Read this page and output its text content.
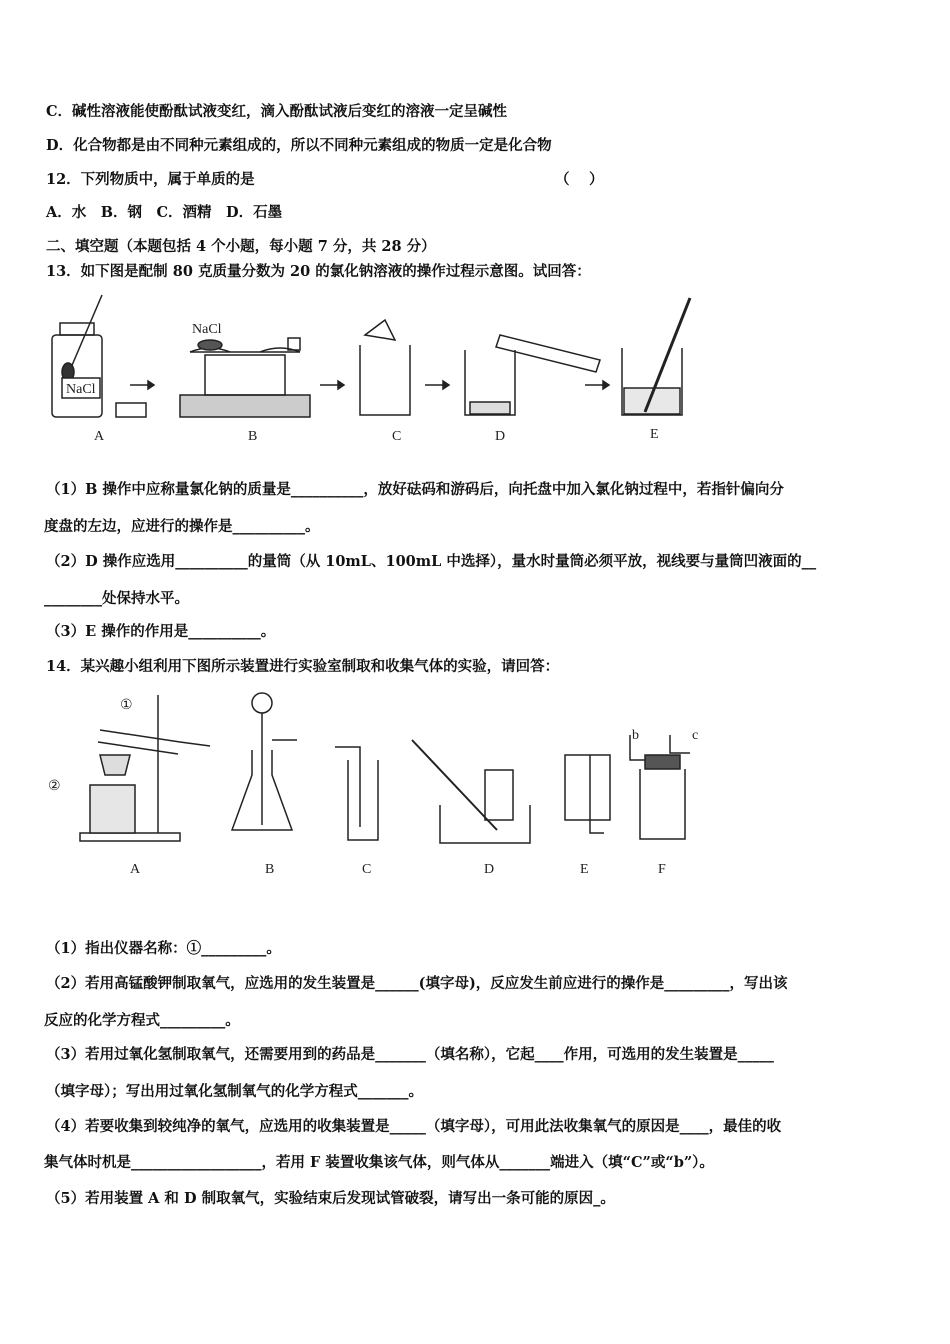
C．碱性溶液能使酚酞试液变红，滴入酚酞试液后变红的溶液一定呈碱性
D．化合物都是由不同种元素组成的，所以不同种元素组成的物质一定是化合物
12．下列物质中，属于单质的是	（　 ）
A．水　B．钢　C．酒精　D．石墨
二、填空题（本题包括 4 个小题，每小题 7 分，共 28 分）
13．如下图是配制 80 克质量分数为 20 的氯化钠溶液的操作过程示意图。试回答：
NaCl
NaCl
A	B	C	D	E
（1）B 操作中应称量氯化钠的质量是__________，放好砝码和游码后，向托盘中加入氯化钠过程中，若指针偏向分
度盘的左边，应进行的操作是__________。
（2）D 操作应选用__________的量筒（从 10mL、100mL 中选择），量水时量筒必须平放，视线要与量筒凹液面的__
________处保持水平。
（3）E 操作的作用是__________。
14．某兴趣小组利用下图所示装置进行实验室制取和收集气体的实验，请回答：
①
②
b	c
A	B	C	D	E	F
（1）指出仪器名称：①_________。
（2）若用高锰酸钾制取氧气，应选用的发生装置是______(填字母)，反应发生前应进行的操作是_________，写出该
反应的化学方程式_________。
（3）若用过氧化氢制取氧气，还需要用到的药品是_______（填名称），它起____作用，可选用的发生装置是_____
（填字母）；写出用过氧化氢制氧气的化学方程式_______。
（4）若要收集到较纯净的氧气，应选用的收集装置是_____（填字母），可用此法收集氧气的原因是____，最佳的收
集气体时机是__________________，若用 F 装置收集该气体，则气体从_______端进入（填“C”或“b”）。
（5）若用装置 A 和 D 制取氧气，实验结束后发现试管破裂，请写出一条可能的原因_。
